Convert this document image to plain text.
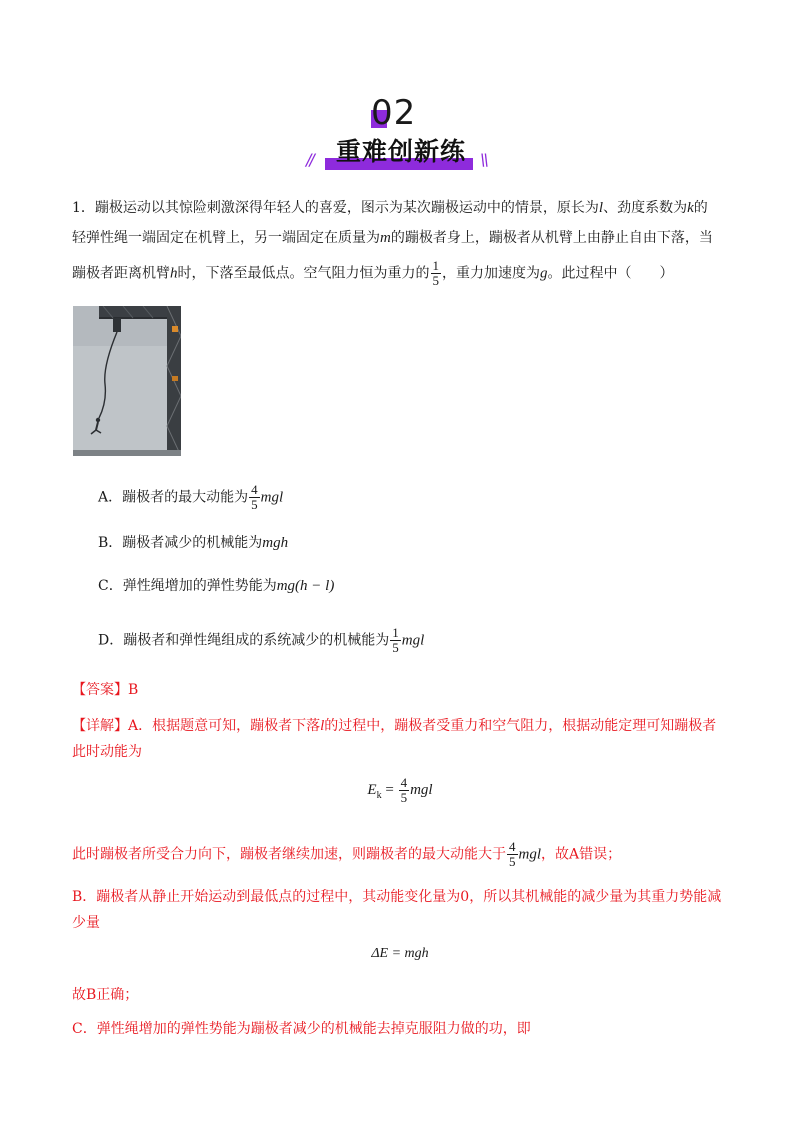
02
重难创新练
//	\\
1．蹦极运动以其惊险刺激深得年轻人的喜爱，图示为某次蹦极运动中的情景，原长为l、劲度系数为k的
轻弹性绳一端固定在机臂上，另一端固定在质量为m的蹦极者身上，蹦极者从机臂上由静止自由下落，当
蹦极者距离机臂h时，下落至最低点。空气阻力恒为重力的 $\frac{1}{5}$ ，重力加速度为g。此过程中（　　）
A．蹦极者的最大动能为 $\frac{4}{5}$ mgl
B．蹦极者减少的机械能为mgh
C．弹性绳增加的弹性势能为mg(h − l)
D．蹦极者和弹性绳组成的系统减少的机械能为 $\frac{1}{5}$ mgl
【答案】B
【详解】A．根据题意可知，蹦极者下落l的过程中，蹦极者受重力和空气阻力，根据动能定理可知蹦极者
此时动能为
$E_k = \frac{4}{5}$ mgl
此时蹦极者所受合力向下，蹦极者继续加速，则蹦极者的最大动能大于 $\frac{4}{5}$ mgl，故A错误；
B．蹦极者从静止开始运动到最低点的过程中，其动能变化量为0，所以其机械能的减少量为其重力势能减
少量
ΔE = mgh
故B正确；
C．弹性绳增加的弹性势能为蹦极者减少的机械能去掉克服阻力做的功，即
